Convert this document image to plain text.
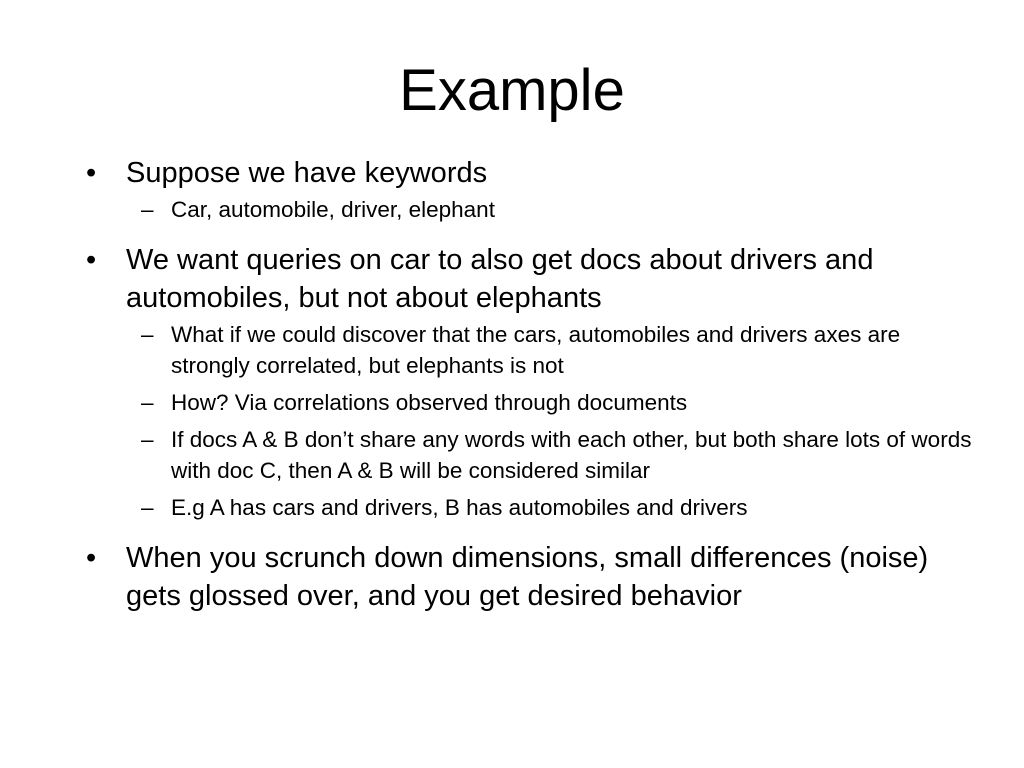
Example
• Suppose we have keywords
– Car, automobile, driver, elephant
• We want queries on car to also get docs about drivers and automobiles, but not about elephants
– What if we could discover that the cars, automobiles and drivers axes are strongly correlated, but elephants is not
– How? Via correlations observed through documents
– If docs A & B don’t share any words with each other, but both share lots of words with doc C, then A & B will be considered similar
– E.g A has cars and drivers, B has automobiles and drivers
• When you scrunch down dimensions, small differences (noise) gets glossed over, and you get desired behavior
